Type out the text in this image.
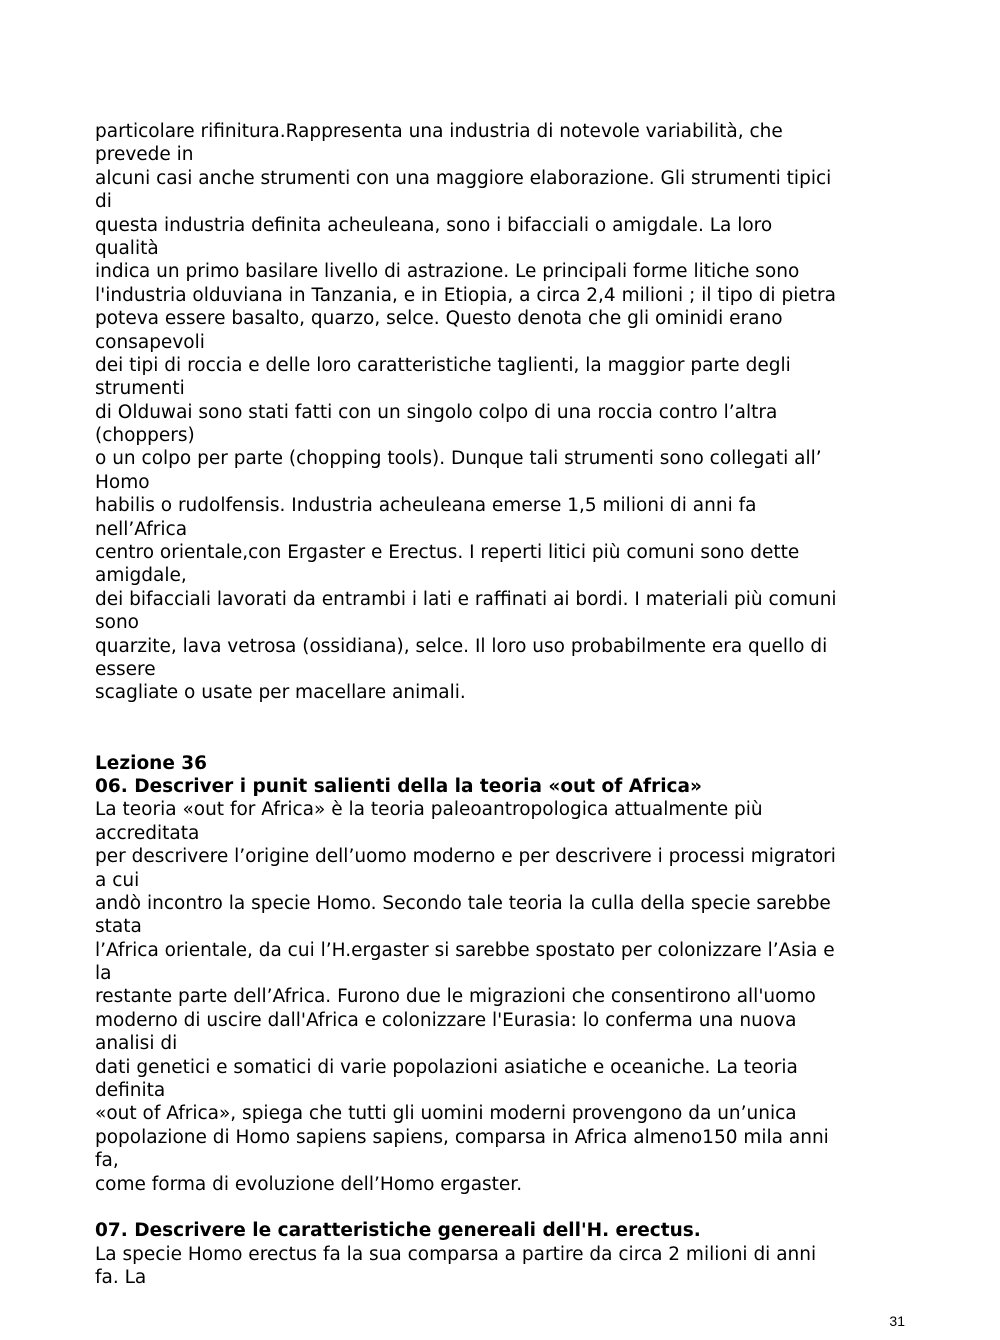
particolare rifinitura.Rappresenta una industria di notevole variabilità, che
prevede in
alcuni casi anche strumenti con una maggiore elaborazione. Gli strumenti tipici
di
questa industria definita acheuleana, sono i bifacciali o amigdale. La loro
qualità
indica un primo basilare livello di astrazione. Le principali forme litiche sono
l'industria olduviana in Tanzania, e in Etiopia, a circa 2,4 milioni ; il tipo di pietra
poteva essere basalto, quarzo, selce. Questo denota che gli ominidi erano
consapevoli
dei tipi di roccia e delle loro caratteristiche taglienti, la maggior parte degli
strumenti
di Olduwai sono stati fatti con un singolo colpo di una roccia contro l’altra
(choppers)
o un colpo per parte (chopping tools). Dunque tali strumenti sono collegati all’
Homo
habilis o rudolfensis. Industria acheuleana emerse 1,5 milioni di anni fa
nell’Africa
centro orientale,con Ergaster e Erectus. I reperti litici più comuni sono dette
amigdale,
dei bifacciali lavorati da entrambi i lati e raffinati ai bordi. I materiali più comuni
sono
quarzite, lava vetrosa (ossidiana), selce. Il loro uso probabilmente era quello di
essere
scagliate o usate per macellare animali.
Lezione 36
06. Descriver i punit salienti della la teoria «out of Africa»
La teoria «out for Africa» è la teoria paleoantropologica attualmente più
accreditata
per descrivere l’origine dell’uomo moderno e per descrivere i processi migratori
a cui
andò incontro la specie Homo. Secondo tale teoria la culla della specie sarebbe
stata
l’Africa orientale, da cui l’H.ergaster si sarebbe spostato per colonizzare l’Asia e
la
restante parte dell’Africa. Furono due le migrazioni che consentirono all'uomo
moderno di uscire dall'Africa e colonizzare l'Eurasia: lo conferma una nuova
analisi di
dati genetici e somatici di varie popolazioni asiatiche e oceaniche. La teoria
definita
«out of Africa», spiega che tutti gli uomini moderni provengono da un’unica
popolazione di Homo sapiens sapiens, comparsa in Africa almeno150 mila anni
fa,
come forma di evoluzione dell’Homo ergaster.
07. Descrivere le caratteristiche genereali dell'H. erectus.
La specie Homo erectus fa la sua comparsa a partire da circa 2 milioni di anni
fa. La
31
